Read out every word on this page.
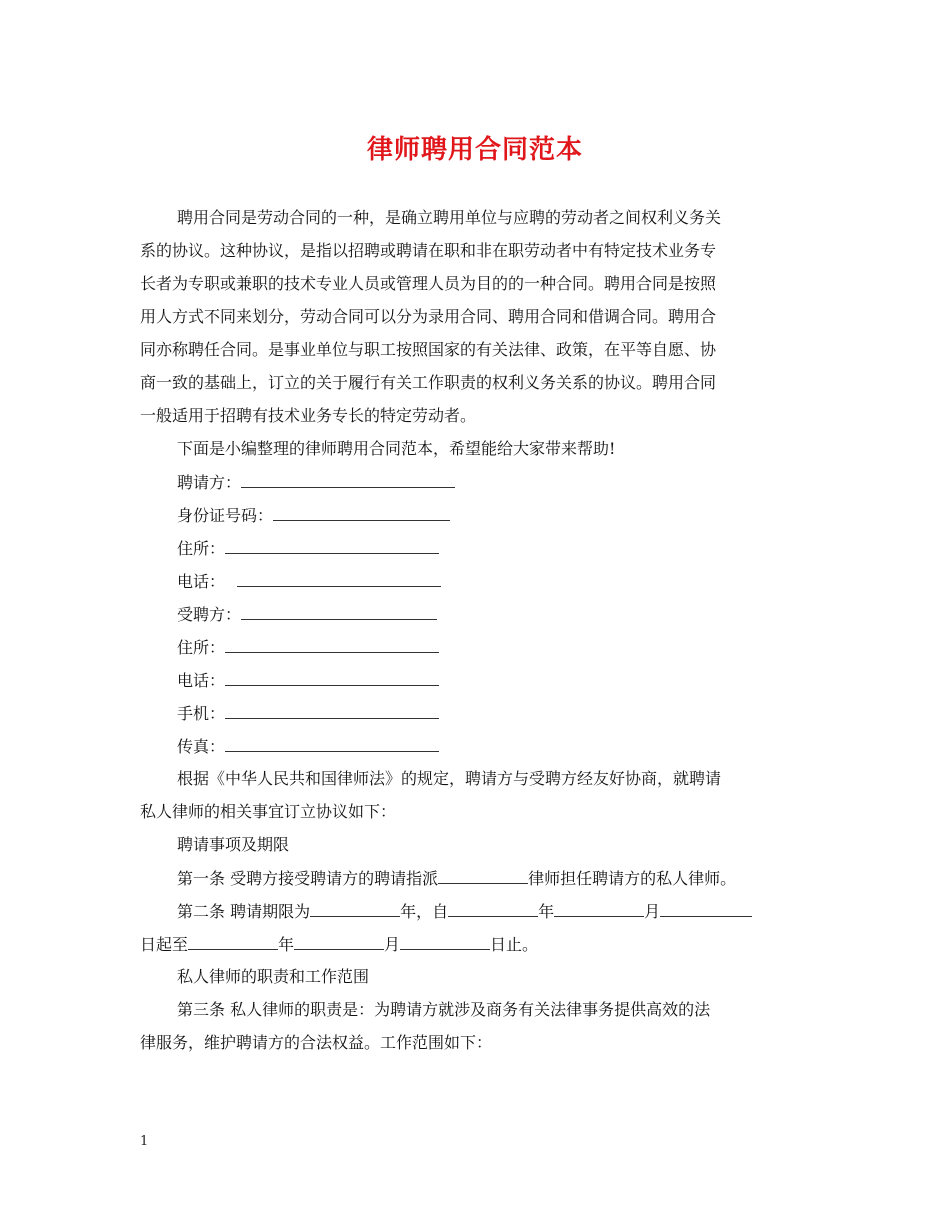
律师聘用合同范本
聘用合同是劳动合同的一种，是确立聘用单位与应聘的劳动者之间权利义务关
系的协议。这种协议，是指以招聘或聘请在职和非在职劳动者中有特定技术业务专
长者为专职或兼职的技术专业人员或管理人员为目的的一种合同。聘用合同是按照
用人方式不同来划分，劳动合同可以分为录用合同、聘用合同和借调合同。聘用合
同亦称聘任合同。是事业单位与职工按照国家的有关法律、政策，在平等自愿、协
商一致的基础上，订立的关于履行有关工作职责的权利义务关系的协议。聘用合同
一般适用于招聘有技术业务专长的特定劳动者。
下面是小编整理的律师聘用合同范本，希望能给大家带来帮助!
聘请方：
身份证号码：
住所：
电话：
受聘方：
住所：
电话：
手机：
传真：
根据《中华人民共和国律师法》的规定，聘请方与受聘方经友好协商，就聘请
私人律师的相关事宜订立协议如下：
聘请事项及期限
第一条 受聘方接受聘请方的聘请指派	律师担任聘请方的私人律师。
第二条 聘请期限为	年，自	年	月
日起至	年	月	日止。
私人律师的职责和工作范围
第三条 私人律师的职责是：为聘请方就涉及商务有关法律事务提供高效的法
律服务，维护聘请方的合法权益。工作范围如下：
1
